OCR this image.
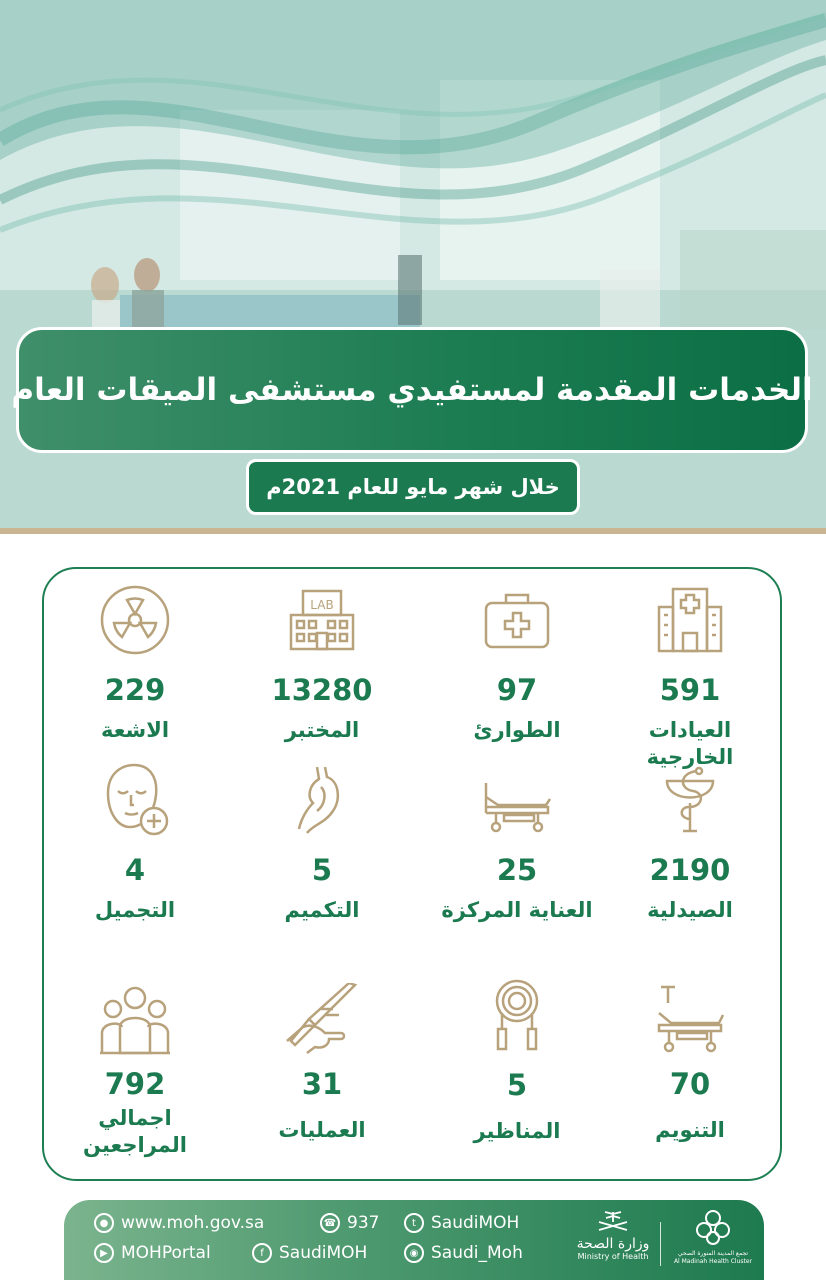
الخدمات المقدمة لمستفيدي مستشفى الميقات العام
خلال شهر مايو للعام 2021م
229
الاشعة
LAB
13280
المختبر
97
الطوارئ
591
العيادات الخارجية
4
التجميل
5
التكميم
25
العناية المركزة
2190
الصيدلية
792
اجمالي المراجعين
31
العمليات
5
المناظير
70
التنويم
● www.moh.gov.sa	☎ 937	t SaudiMOH
▶ MOHPortal	f SaudiMOH	◉ Saudi_Moh	وزارة الصحة
Ministry of Health	تجمع المدينة المنورة الصحي
Al Madinah Health Cluster
